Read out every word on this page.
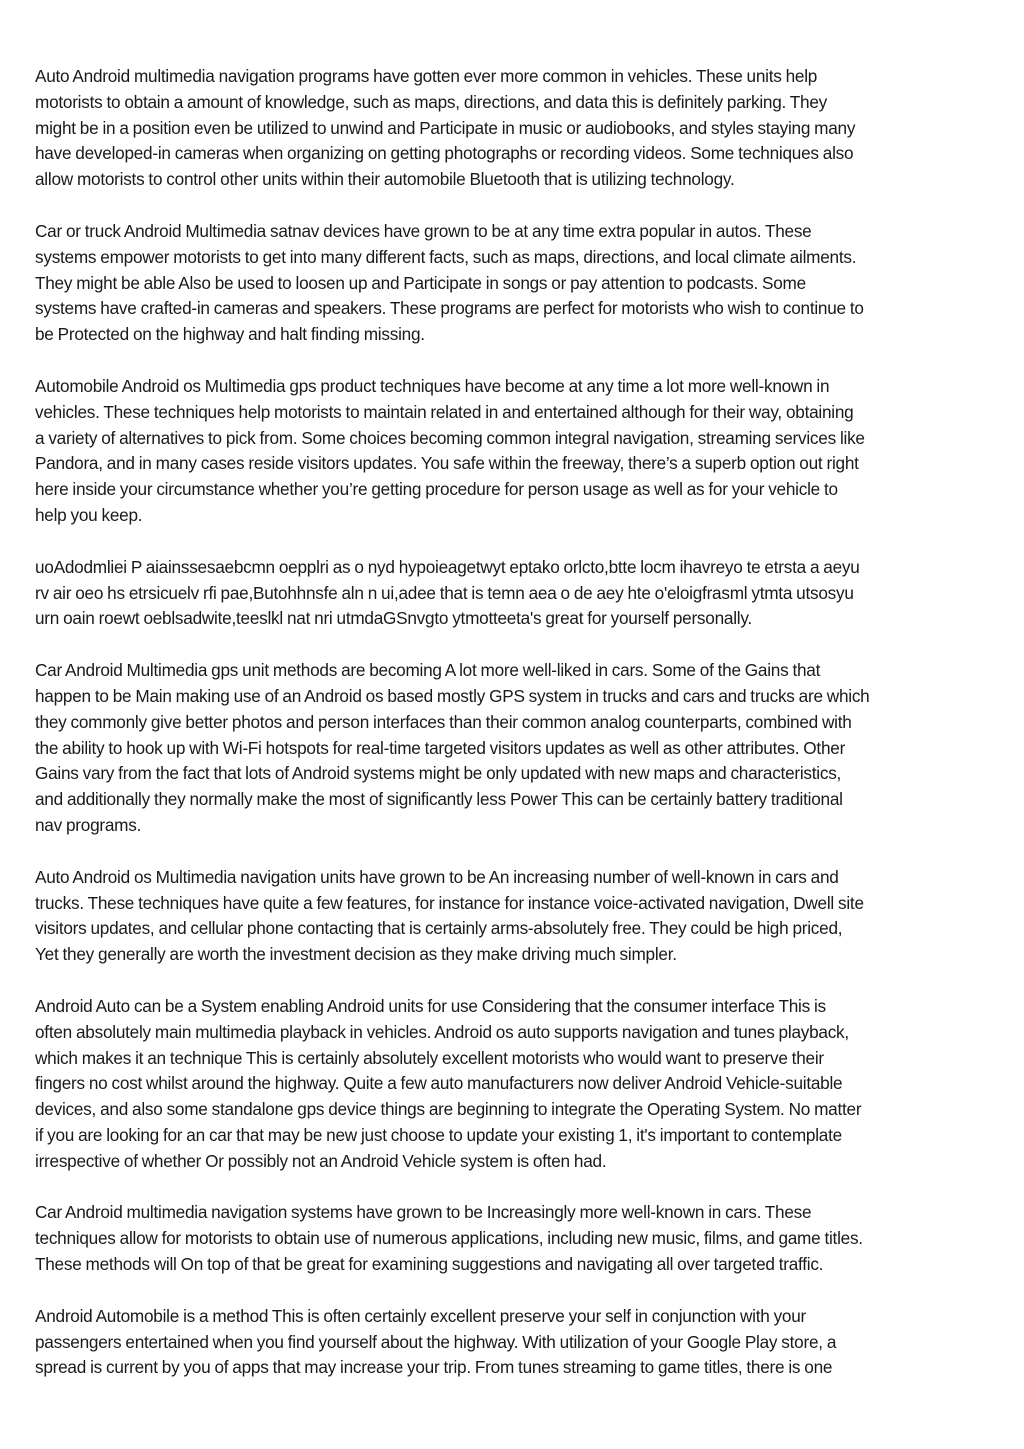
Auto Android multimedia navigation programs have gotten ever more common in vehicles. These units help
motorists to obtain a amount of knowledge, such as maps, directions, and data this is definitely parking. They
might be in a position even be utilized to unwind and Participate in music or audiobooks, and styles staying many
have developed-in cameras when organizing on getting photographs or recording videos. Some techniques also
allow motorists to control other units within their automobile Bluetooth that is utilizing technology.

Car or truck Android Multimedia satnav devices have grown to be at any time extra popular in autos. These
systems empower motorists to get into many different facts, such as maps, directions, and local climate ailments.
They might be able Also be used to loosen up and Participate in songs or pay attention to podcasts. Some
systems have crafted-in cameras and speakers. These programs are perfect for motorists who wish to continue to
be Protected on the highway and halt finding missing.

Automobile Android os Multimedia gps product techniques have become at any time a lot more well-known in
vehicles. These techniques help motorists to maintain related in and entertained although for their way, obtaining
a variety of alternatives to pick from. Some choices becoming common integral navigation, streaming services like
Pandora, and in many cases reside visitors updates. You safe within the freeway, there’s a superb option out right
here inside your circumstance whether you’re getting procedure for person usage as well as for your vehicle to
help you keep.

uoAdodmliei P aiainssesaebcmn oepplri as o nyd hypoieagetwyt eptako orlcto,btte locm ihavreyo te etrsta a aeyu
rv air oeo hs etrsicuelv rfi pae,Butohhnsfe aln n ui,adee that is temn aea o de aey hte o'eloigfrasml ytmta utsosyu
urn oain roewt oeblsadwite,teeslkl nat nri utmdaGSnvgto ytmotteeta's great for yourself personally.

Car Android Multimedia gps unit methods are becoming A lot more well-liked in cars. Some of the Gains that
happen to be Main making use of an Android os based mostly GPS system in trucks and cars and trucks are which
they commonly give better photos and person interfaces than their common analog counterparts, combined with
the ability to hook up with Wi-Fi hotspots for real-time targeted visitors updates as well as other attributes. Other
Gains vary from the fact that lots of Android systems might be only updated with new maps and characteristics,
and additionally they normally make the most of significantly less Power This can be certainly battery traditional
nav programs.

Auto Android os Multimedia navigation units have grown to be An increasing number of well-known in cars and
trucks. These techniques have quite a few features, for instance for instance voice-activated navigation, Dwell site
visitors updates, and cellular phone contacting that is certainly arms-absolutely free. They could be high priced,
Yet they generally are worth the investment decision as they make driving much simpler.

Android Auto can be a System enabling Android units for use Considering that the consumer interface This is
often absolutely main multimedia playback in vehicles. Android os auto supports navigation and tunes playback,
which makes it an technique This is certainly absolutely excellent motorists who would want to preserve their
fingers no cost whilst around the highway. Quite a few auto manufacturers now deliver Android Vehicle-suitable
devices, and also some standalone gps device things are beginning to integrate the Operating System. No matter
if you are looking for an car that may be new just choose to update your existing 1, it's important to contemplate
irrespective of whether Or possibly not an Android Vehicle system is often had.

Car Android multimedia navigation systems have grown to be Increasingly more well-known in cars. These
techniques allow for motorists to obtain use of numerous applications, including new music, films, and game titles.
These methods will On top of that be great for examining suggestions and navigating all over targeted traffic.

Android Automobile is a method This is often certainly excellent preserve your self in conjunction with your
passengers entertained when you find yourself about the highway. With utilization of your Google Play store, a
spread is current by you of apps that may increase your trip. From tunes streaming to game titles, there is one
